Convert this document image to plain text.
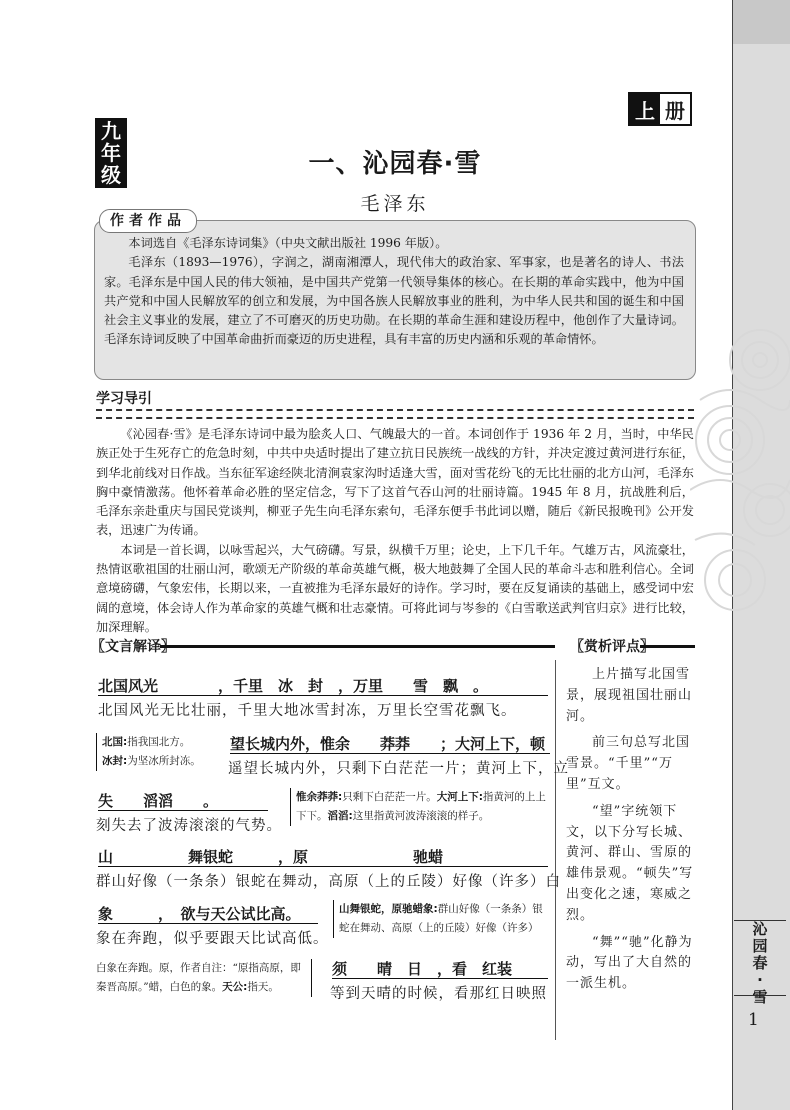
上 册
九年级	一、沁园春·雪
毛泽东
作者作品
本词选自《毛泽东诗词集》（中央文献出版社 1996 年版）。
毛泽东（1893—1976），字润之，湖南湘潭人，现代伟大的政治家、军事家，也是著名的诗人、书法家。毛泽东是中国人民的伟大领袖，是中国共产党第一代领导集体的核心。在长期的革命实践中，他为中国共产党和中国人民解放军的创立和发展，为中国各族人民解放事业的胜利，为中华人民共和国的诞生和中国社会主义事业的发展，建立了不可磨灭的历史功勋。在长期的革命生涯和建设历程中，他创作了大量诗词。毛泽东诗词反映了中国革命曲折而豪迈的历史进程，具有丰富的历史内涵和乐观的革命情怀。
学习导引
《沁园春·雪》是毛泽东诗词中最为脍炙人口、气魄最大的一首。本词创作于 1936 年 2 月，当时，中华民族正处于生死存亡的危急时刻，中共中央适时提出了建立抗日民族统一战线的方针，并决定渡过黄河进行东征，到华北前线对日作战。当东征军途经陕北清涧袁家沟时适逢大雪，面对雪花纷飞的无比壮丽的北方山河，毛泽东胸中豪情激荡。他怀着革命必胜的坚定信念，写下了这首气吞山河的壮丽诗篇。1945 年 8 月，抗战胜利后，毛泽东亲赴重庆与国民党谈判，柳亚子先生向毛泽东索句，毛泽东便手书此词以赠，随后《新民报晚刊》公开发表，迅速广为传诵。
本词是一首长调，以咏雪起兴，大气磅礴。写景，纵横千万里；论史，上下几千年。气雄万古，风流豪壮，热情讴歌祖国的壮丽山河，歌颂无产阶级的革命英雄气概，极大地鼓舞了全国人民的革命斗志和胜利信心。全词意境磅礴，气象宏伟，长期以来，一直被推为毛泽东最好的诗作。学习时，要在反复诵读的基础上，感受词中宏阔的意境，体会诗人作为革命家的英雄气概和壮志豪情。可将此词与岑参的《白雪歌送武判官归京》进行比较，加深理解。
〖文言解译〗	〖赏析评点〗
北国风光　　　　，千里　冰　封　，万里　　雪　飘　。
北国风光无比壮丽，千里大地冰雪封冻，万里长空雪花飘飞。
北国:指我国北方。
冰封:为坚冰所封冻。
望长城内外，惟余　　莽莽　　；大河上下，顿
遥望长城内外，只剩下白茫茫一片；黄河上下，立
失　　滔滔　　。
刻失去了波涛滚滚的气势。
惟余莽莽:只剩下白茫茫一片。大河上下:指黄河的上上下下。滔滔:这里指黄河波涛滚滚的样子。
山　　　　　舞银蛇　　　，原　　　　　　　驰蜡
群山好像（一条条）银蛇在舞动，高原（上的丘陵）好像（许多）白
象　　　，　欲与天公试比高。
象在奔跑，似乎要跟天比试高低。
山舞银蛇，原驰蜡象:群山好像（一条条）银蛇在舞动、高原（上的丘陵）好像（许多）
白象在奔跑。原，作者自注：“原指高原，即
秦晋高原。”蜡，白色的象。天公:指天。
须　　晴　日　，看　红装
等到天晴的时候，看那红日映照

上片描写北国雪景，展现祖国壮丽山河。

前三句总写北国雪景。“千里”“万里”互文。

“望”字统领下文，以下分写长城、黄河、群山、雪原的雄伟景观。“顿失”写出变化之速，寒威之烈。

“舞”“驰”化静为动，写出了大自然的一派生机。

沁
园
春
·
雪
1
